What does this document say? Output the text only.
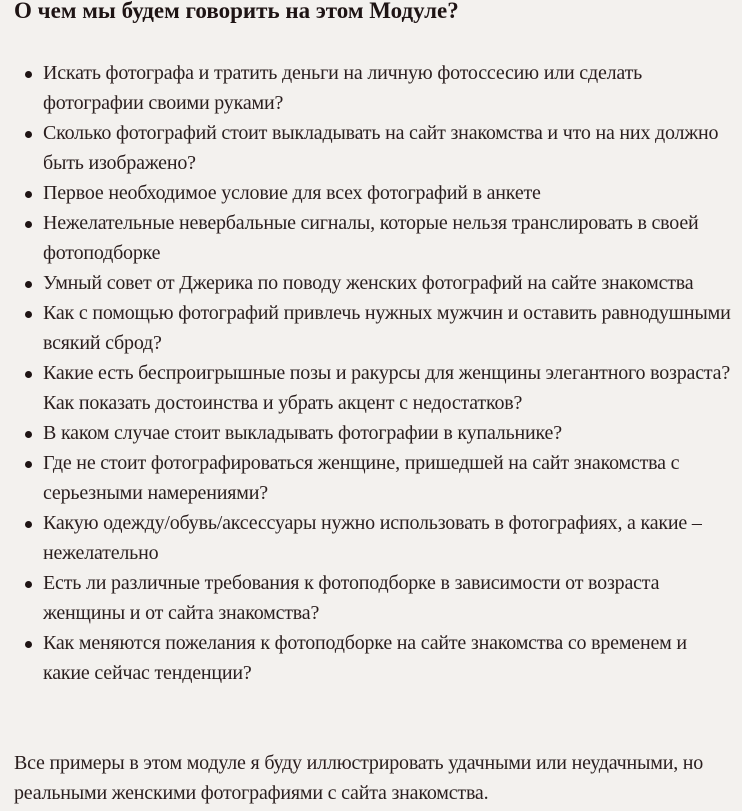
О чем мы будем говорить на этом Модуле?
Искать фотографа и тратить деньги на личную фотоссесию или сделать фотографии своими руками?
Сколько фотографий стоит выкладывать на сайт знакомства и что на них должно быть изображено?
Первое необходимое условие для всех фотографий в анкете
Нежелательные невербальные сигналы, которые нельзя транслировать в своей фотоподборке
Умный совет от Джерика по поводу женских фотографий на сайте знакомства
Как с помощью фотографий привлечь нужных мужчин и оставить равнодушными всякий сброд?
Какие есть беспроигрышные позы и ракурсы для женщины элегантного возраста? Как показать достоинства и убрать акцент с недостатков?
В каком случае стоит выкладывать фотографии в купальнике?
Где не стоит фотографироваться женщине, пришедшей на сайт знакомства с серьезными намерениями?
Какую одежду/обувь/аксессуары нужно использовать в фотографиях, а какие – нежелательно
Есть ли различные требования к фотоподборке в зависимости от возраста женщины и от сайта знакомства?
Как меняются пожелания к фотоподборке на сайте знакомства со временем и какие сейчас тенденции?

Все примеры в этом модуле я буду иллюстрировать удачными или неудачными, но реальными женскими фотографиями с сайта знакомства.
